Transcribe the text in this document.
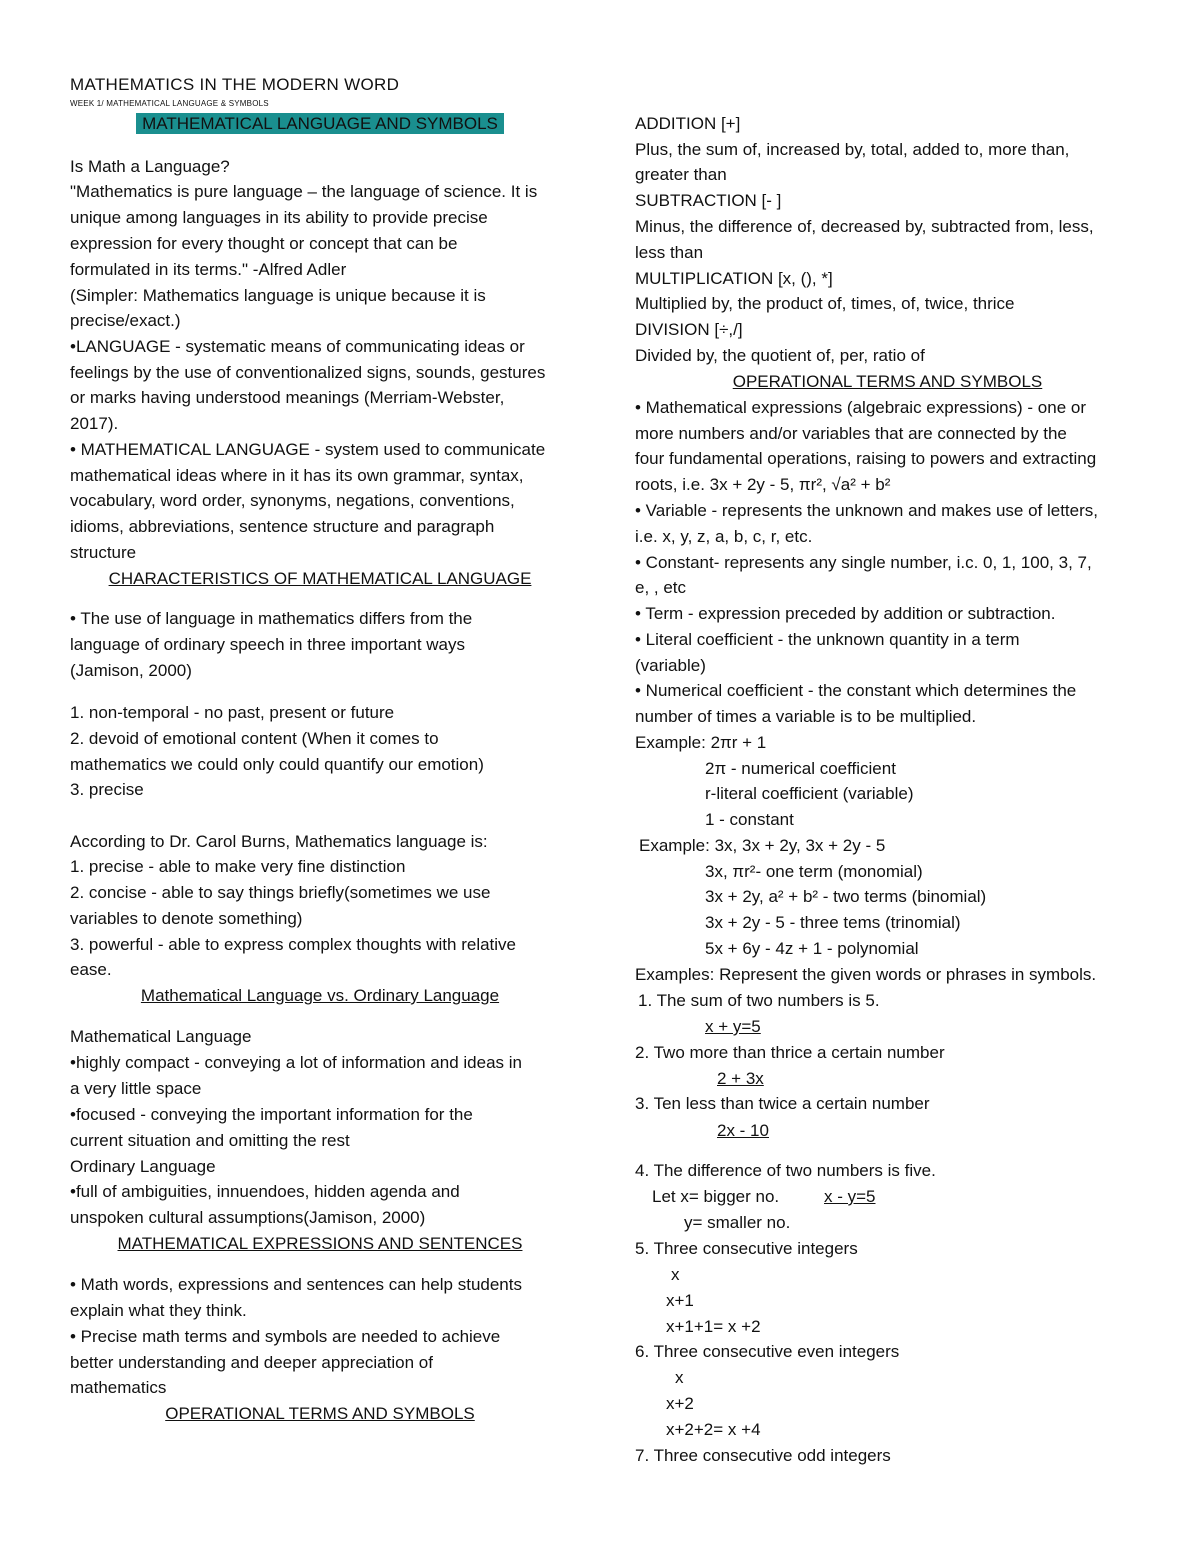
MATHEMATICS IN THE MODERN WORD
WEEK 1/ MATHEMATICAL LANGUAGE & SYMBOLS
MATHEMATICAL LANGUAGE AND SYMBOLS
Is Math a Language?
"Mathematics is pure language – the language of science. It is
unique among languages in its ability to provide precise
expression for every thought or concept that can be
formulated in its terms." -Alfred Adler
(Simpler: Mathematics language is unique because it is
precise/exact.)
•LANGUAGE - systematic means of communicating ideas or
feelings by the use of conventionalized signs, sounds, gestures
or marks having understood meanings (Merriam-Webster,
2017).
• MATHEMATICAL LANGUAGE - system used to communicate
mathematical ideas where in it has its own grammar, syntax,
vocabulary, word order, synonyms, negations, conventions,
idioms, abbreviations, sentence structure and paragraph
structure
CHARACTERISTICS OF MATHEMATICAL LANGUAGE
• The use of language in mathematics differs from the
language of ordinary speech in three important ways
(Jamison, 2000)
1. non-temporal - no past, present or future
2. devoid of emotional content (When it comes to
mathematics we could only could quantify our emotion)
3. precise
According to Dr. Carol Burns, Mathematics language is:
1. precise - able to make very fine distinction
2. concise - able to say things briefly(sometimes we use
variables to denote something)
3. powerful - able to express complex thoughts with relative
ease.
Mathematical Language vs. Ordinary Language
Mathematical Language
•highly compact - conveying a lot of information and ideas in
a very little space
•focused - conveying the important information for the
current situation and omitting the rest
Ordinary Language
•full of ambiguities, innuendoes, hidden agenda and
unspoken cultural assumptions(Jamison, 2000)
MATHEMATICAL EXPRESSIONS AND SENTENCES
• Math words, expressions and sentences can help students
explain what they think.
• Precise math terms and symbols are needed to achieve
better understanding and deeper appreciation of
mathematics
OPERATIONAL TERMS AND SYMBOLS
ADDITION [+]
Plus, the sum of, increased by, total, added to, more than,
greater than
SUBTRACTION [- ]
Minus, the difference of, decreased by, subtracted from, less,
less than
MULTIPLICATION [x, (), *]
Multiplied by, the product of, times, of, twice, thrice
DIVISION [÷,/]
Divided by, the quotient of, per, ratio of
OPERATIONAL TERMS AND SYMBOLS
• Mathematical expressions (algebraic expressions) - one or
more numbers and/or variables that are connected by the
four fundamental operations, raising to powers and extracting
roots, i.e. 3x + 2y - 5, πr², √a² + b²
• Variable - represents the unknown and makes use of letters,
i.e. x, y, z, a, b, c, r, etc.
• Constant- represents any single number, i.c. 0, 1, 100, 3, 7,
e, , etc
• Term - expression preceded by addition or subtraction.
• Literal coefficient - the unknown quantity in a term
(variable)
• Numerical coefficient - the constant which determines the
number of times a variable is to be multiplied.
Example: 2πr + 1
2π - numerical coefficient
r-literal coefficient (variable)
1 - constant
Example: 3x, 3x + 2y, 3x + 2y - 5
3x, πr²- one term (monomial)
3x + 2y, a² + b² - two terms (binomial)
3x + 2y - 5 - three tems (trinomial)
5x + 6y - 4z + 1 - polynomial
Examples: Represent the given words or phrases in symbols.
1. The sum of two numbers is 5.
x + y=5
2. Two more than thrice a certain number
2 + 3x
3. Ten less than twice a certain number
2x - 10
4. The difference of two numbers is five.
Let x= bigger no.	x - y=5
y= smaller no.
5. Three consecutive integers
x
x+1
x+1+1= x +2
6. Three consecutive even integers
x
x+2
x+2+2= x +4
7. Three consecutive odd integers
